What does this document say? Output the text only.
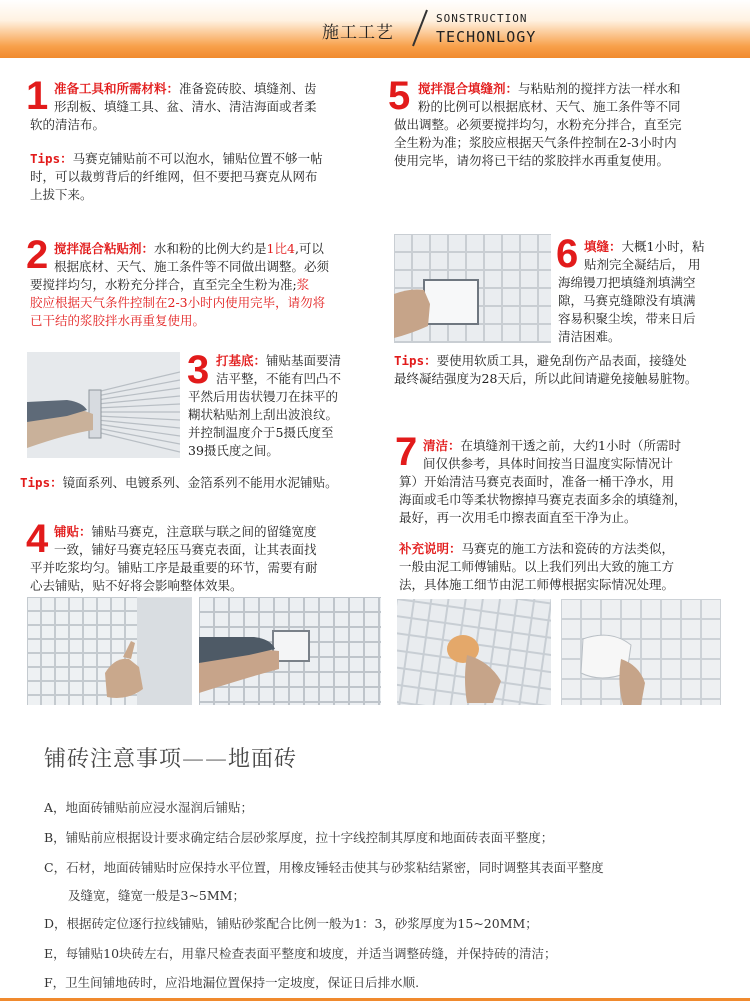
施工工艺
SONSTRUCTION
TECHONLOGY
1 准备工具和所需材料：准备瓷砖胶、填缝剂、齿
形刮板、填缝工具、盆、清水、清洁海面或者柔
软的清洁布。
Tips：马赛克铺贴前不可以泡水，铺贴位置不够一帖
时，可以裁剪背后的纤维网，但不要把马赛克从网布
上拔下来。
2 搅拌混合粘贴剂：水和粉的比例大约是1比4,可以
根据底材、天气、施工条件等不同做出调整。必须
要搅拌均匀，水粉充分拌合，直至完全生粉为准;浆
胶应根据天气条件控制在2-3小时内使用完毕，请勿将
已干结的浆胶拌水再重复使用。
3 打基底：铺贴基面要清
洁平整，不能有凹凸不
平然后用齿状镘刀在抹平的
糊状粘贴剂上刮出波浪纹。
并控制温度介于5摄氏度至
39摄氏度之间。
Tips：镜面系列、电镀系列、金箔系列不能用水泥铺贴。
4 铺贴：铺贴马赛克，注意联与联之间的留缝宽度
一致，铺好马赛克轻压马赛克表面，让其表面找
平并吃浆均匀。铺贴工序是最重要的环节，需要有耐
心去铺贴，贴不好将会影响整体效果。
5 搅拌混合填缝剂：与粘贴剂的搅拌方法一样水和
粉的比例可以根据底材、天气、施工条件等不同
做出调整。必须要搅拌均匀，水粉充分拌合，直至完
全生粉为准；浆胶应根据天气条件控制在2-3小时内
使用完毕，请勿将已干结的浆胶拌水再重复使用。
6 填缝：大概1小时，粘
贴剂完全凝结后， 用
海绵镘刀把填缝剂填满空
隙，马赛克缝隙没有填满
容易积聚尘埃，带来日后
清洁困难。
Tips：要使用软质工具，避免刮伤产品表面，接缝处
最终凝结强度为28天后，所以此间请避免接触易脏物。
7 清洁：在填缝剂干透之前，大约1小时（所需时
间仅供参考，具体时间按当日温度实际情况计
算）开始清洁马赛克表面时，准备一桶干净水，用
海面或毛巾等柔状物擦掉马赛克表面多余的填缝剂，
最好，再一次用毛巾擦表面直至干净为止。
补充说明：马赛克的施工方法和瓷砖的方法类似，
一般由泥工师傅铺贴。以上我们列出大致的施工方
法，具体施工细节由泥工师傅根据实际情况处理。
铺砖注意事项——地面砖
A，地面砖铺贴前应浸水湿润后铺贴；
B，铺贴前应根据设计要求确定结合层砂浆厚度，拉十字线控制其厚度和地面砖表面平整度；
C，石材，地面砖铺贴时应保持水平位置，用橡皮锤轻击使其与砂浆粘结紧密，同时调整其表面平整度
及缝宽，缝宽一般是3~5MM；
D，根据砖定位逐行拉线铺贴，铺贴砂浆配合比例一般为1：3，砂浆厚度为15~20MM；
E，每铺贴10块砖左右，用靠尺检查表面平整度和坡度，并适当调整砖缝，并保持砖的清洁；
F，卫生间铺地砖时，应沿地漏位置保持一定坡度，保证日后排水顺.
